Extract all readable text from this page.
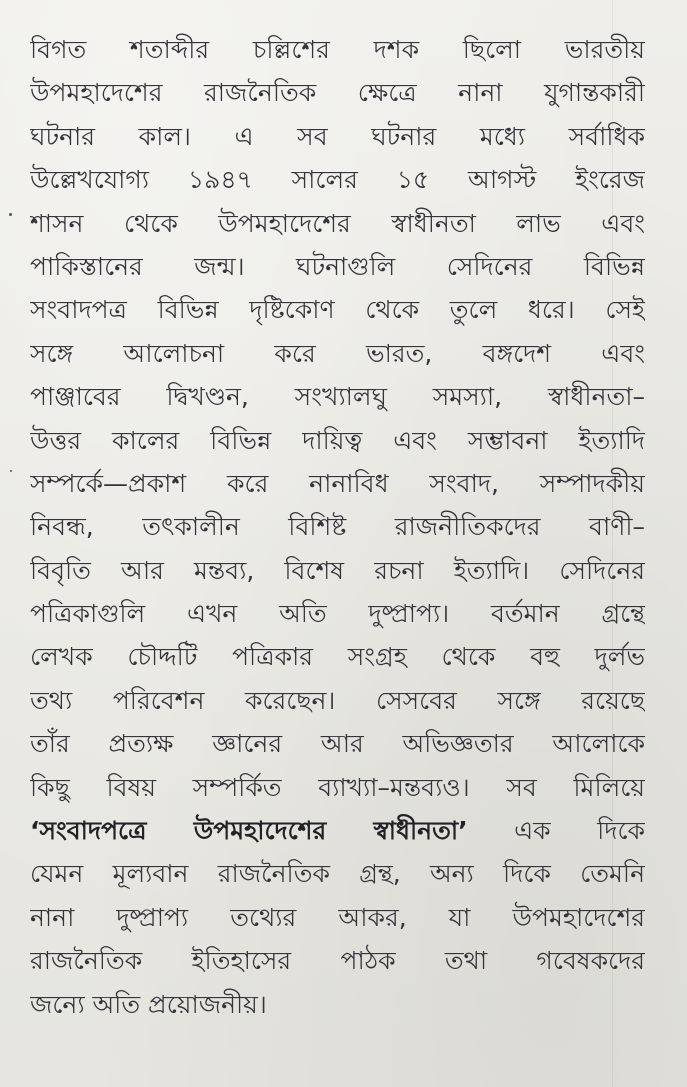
বিগত শতাব্দীর চল্লিশের দশক ছিলো ভারতীয়
উপমহাদেশের রাজনৈতিক ক্ষেত্রে নানা যুগান্তকারী
ঘটনার কাল। এ সব ঘটনার মধ্যে সর্বাধিক
উল্লেখযোগ্য ১৯৪৭ সালের ১৫ আগস্ট ইংরেজ
শাসন থেকে উপমহাদেশের স্বাধীনতা লাভ এবং
পাকিস্তানের জন্ম। ঘটনাগুলি সেদিনের বিভিন্ন
সংবাদপত্র বিভিন্ন দৃষ্টিকোণ থেকে তুলে ধরে। সেই
সঙ্গে আলোচনা করে ভারত, বঙ্গদেশ এবং
পাঞ্জাবের দ্বিখণ্ডন, সংখ্যালঘু সমস্যা, স্বাধীনতা–
উত্তর কালের বিভিন্ন দায়িত্ব এবং সম্ভাবনা ইত্যাদি
সম্পর্কে—প্রকাশ করে নানাবিধ সংবাদ, সম্পাদকীয়
নিবন্ধ, তৎকালীন বিশিষ্ট রাজনীতিকদের বাণী–
বিবৃতি আর মন্তব্য, বিশেষ রচনা ইত্যাদি। সেদিনের
পত্রিকাগুলি এখন অতি দুষ্প্রাপ্য। বর্তমান গ্রন্থে
লেখক চৌদ্দটি পত্রিকার সংগ্রহ থেকে বহু দুর্লভ
তথ্য পরিবেশন করেছেন। সেসবের সঙ্গে রয়েছে
তাঁর প্রত্যক্ষ জ্ঞানের আর অভিজ্ঞতার আলোকে
কিছু বিষয় সম্পর্কিত ব্যাখ্যা–মন্তব্যও। সব মিলিয়ে
‘সংবাদপত্রে উপমহাদেশের স্বাধীনতা’ এক দিকে
যেমন মূল্যবান রাজনৈতিক গ্রন্থ, অন্য দিকে তেমনি
নানা দুষ্প্রাপ্য তথ্যের আকর, যা উপমহাদেশের
রাজনৈতিক ইতিহাসের পাঠক তথা গবেষকদের
জন্যে অতি প্রয়োজনীয়।
